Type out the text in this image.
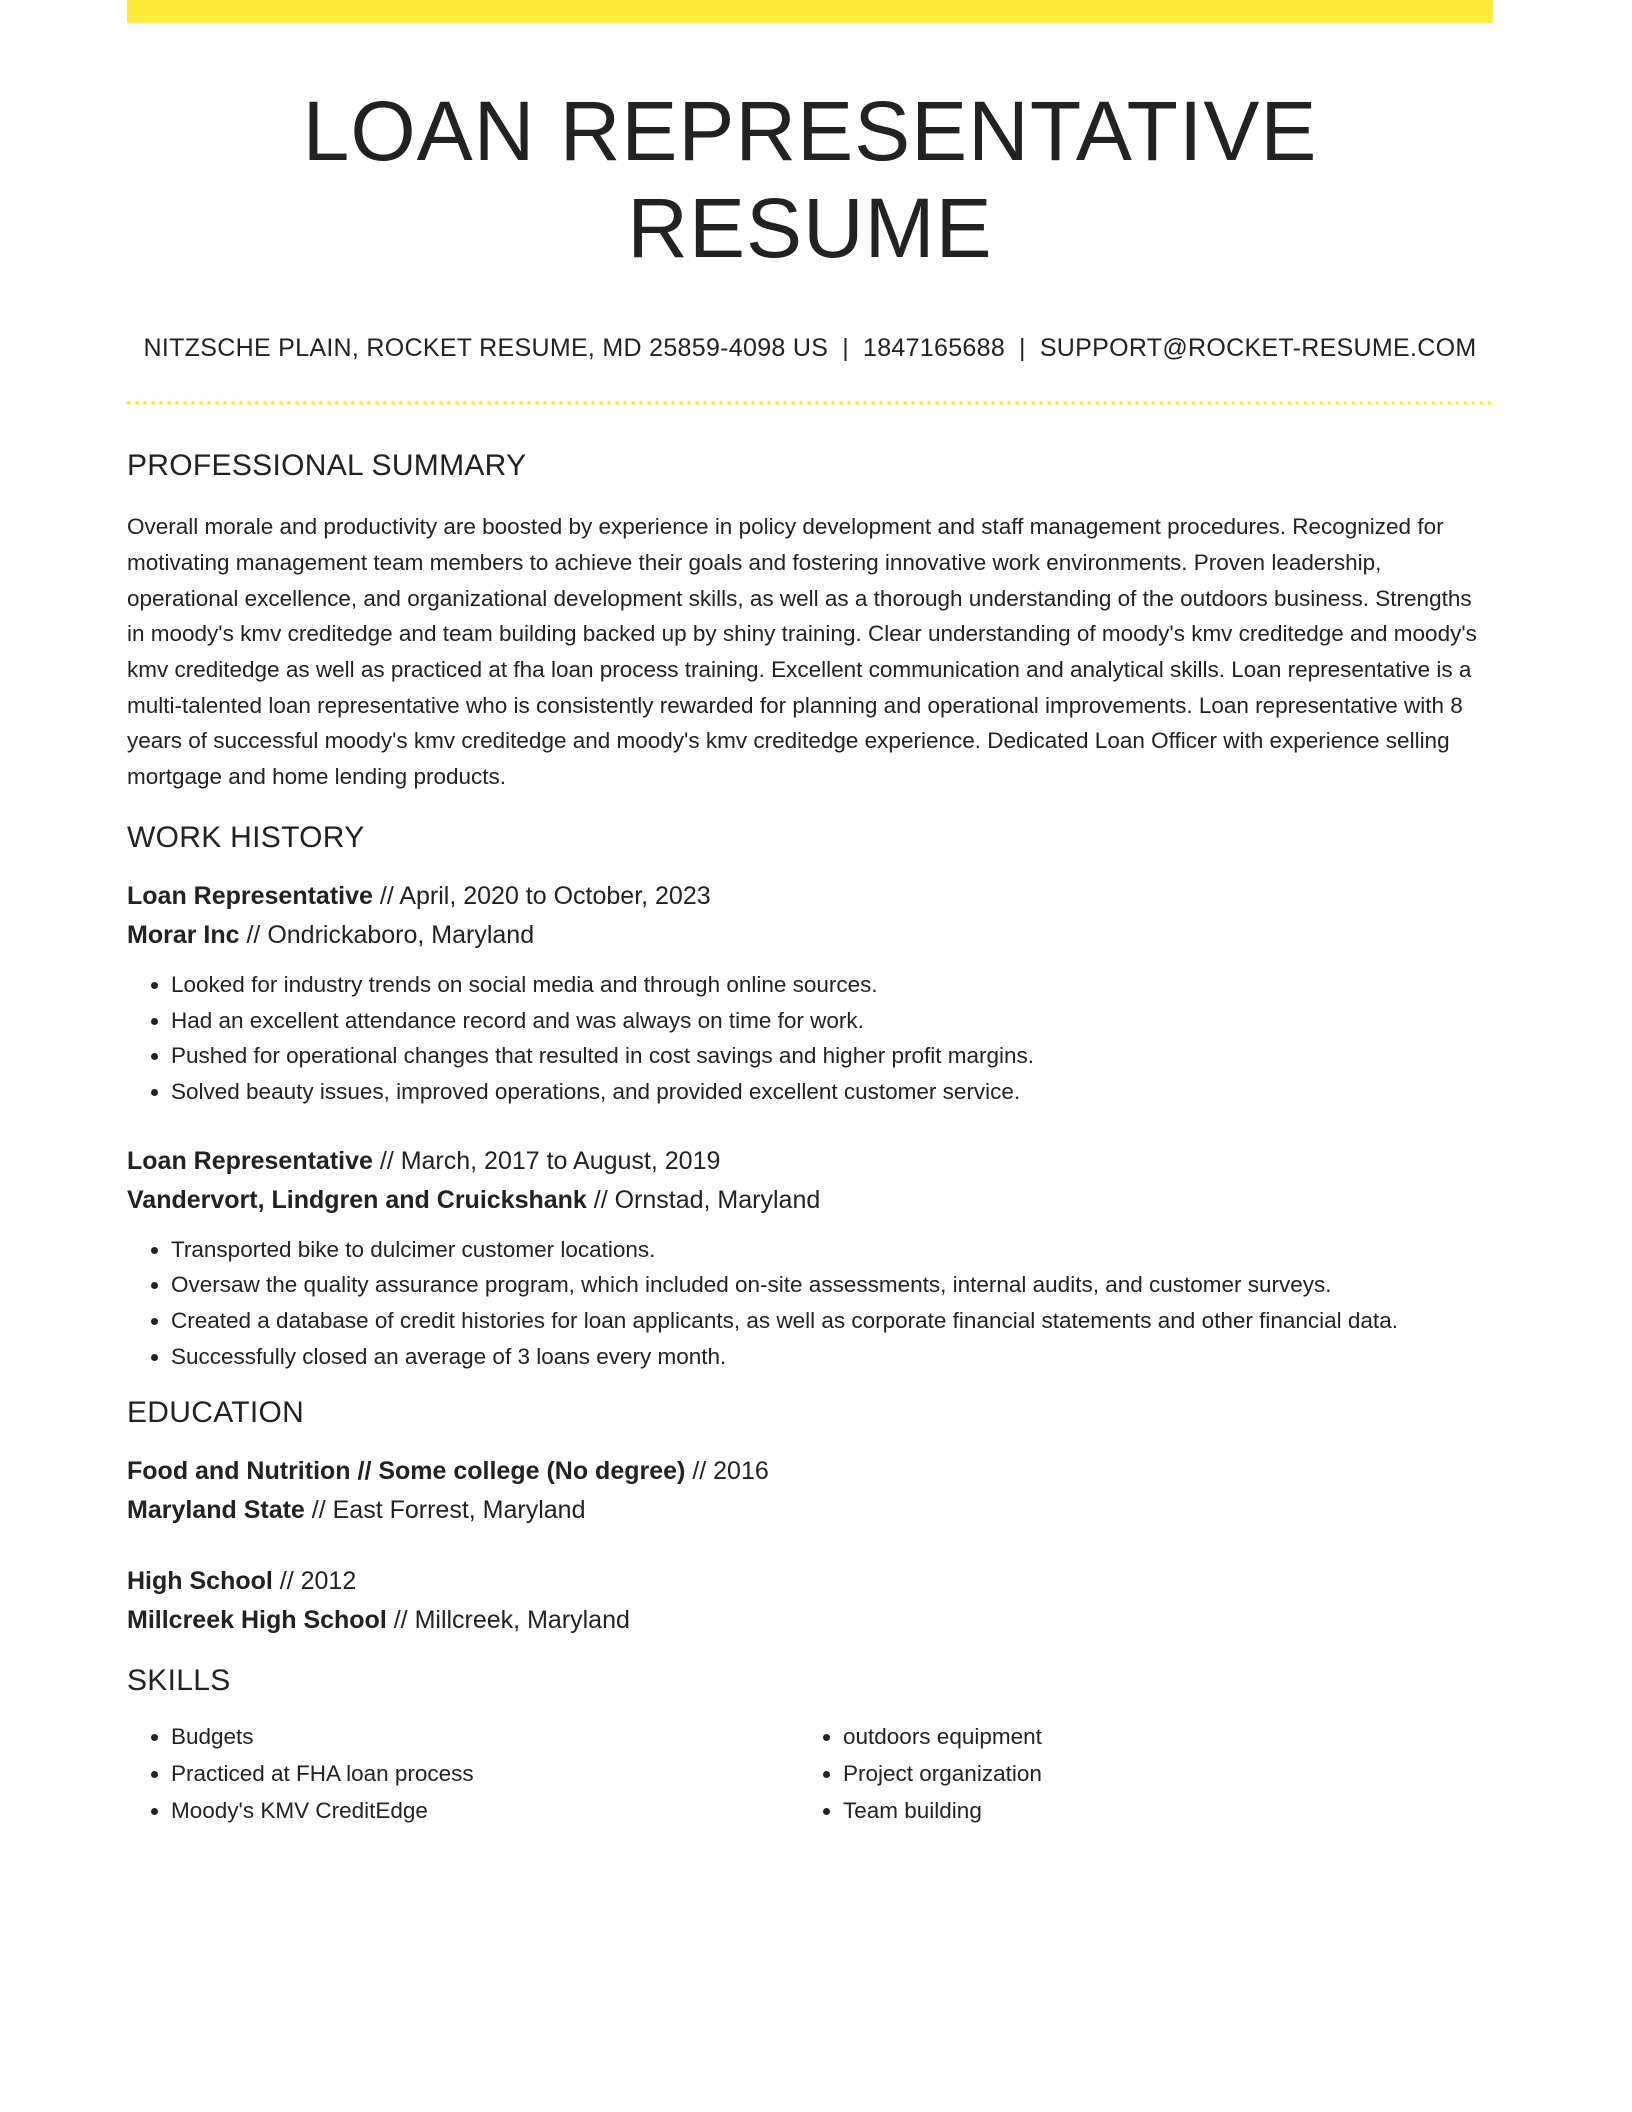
LOAN REPRESENTATIVE RESUME
NITZSCHE PLAIN, ROCKET RESUME, MD 25859-4098 US | 1847165688 | SUPPORT@ROCKET-RESUME.COM
PROFESSIONAL SUMMARY

Overall morale and productivity are boosted by experience in policy development and staff management procedures. Recognized for motivating management team members to achieve their goals and fostering innovative work environments. Proven leadership, operational excellence, and organizational development skills, as well as a thorough understanding of the outdoors business. Strengths in moody's kmv creditedge and team building backed up by shiny training. Clear understanding of moody's kmv creditedge and moody's kmv creditedge as well as practiced at fha loan process training. Excellent communication and analytical skills. Loan representative is a multi-talented loan representative who is consistently rewarded for planning and operational improvements. Loan representative with 8 years of successful moody's kmv creditedge and moody's kmv creditedge experience. Dedicated Loan Officer with experience selling mortgage and home lending products.

WORK HISTORY
Loan Representative // April, 2020 to October, 2023
Morar Inc // Ondrickaboro, Maryland
• Looked for industry trends on social media and through online sources.
• Had an excellent attendance record and was always on time for work.
• Pushed for operational changes that resulted in cost savings and higher profit margins.
• Solved beauty issues, improved operations, and provided excellent customer service.
Loan Representative // March, 2017 to August, 2019
Vandervort, Lindgren and Cruickshank // Ornstad, Maryland
• Transported bike to dulcimer customer locations.
• Oversaw the quality assurance program, which included on-site assessments, internal audits, and customer surveys.
• Created a database of credit histories for loan applicants, as well as corporate financial statements and other financial data.
• Successfully closed an average of 3 loans every month.
EDUCATION
Food and Nutrition // Some college (No degree) // 2016
Maryland State // East Forrest, Maryland
High School // 2012
Millcreek High School // Millcreek, Maryland
SKILLS
• Budgets
• Practiced at FHA loan process
• Moody's KMV CreditEdge
• outdoors equipment
• Project organization
• Team building
